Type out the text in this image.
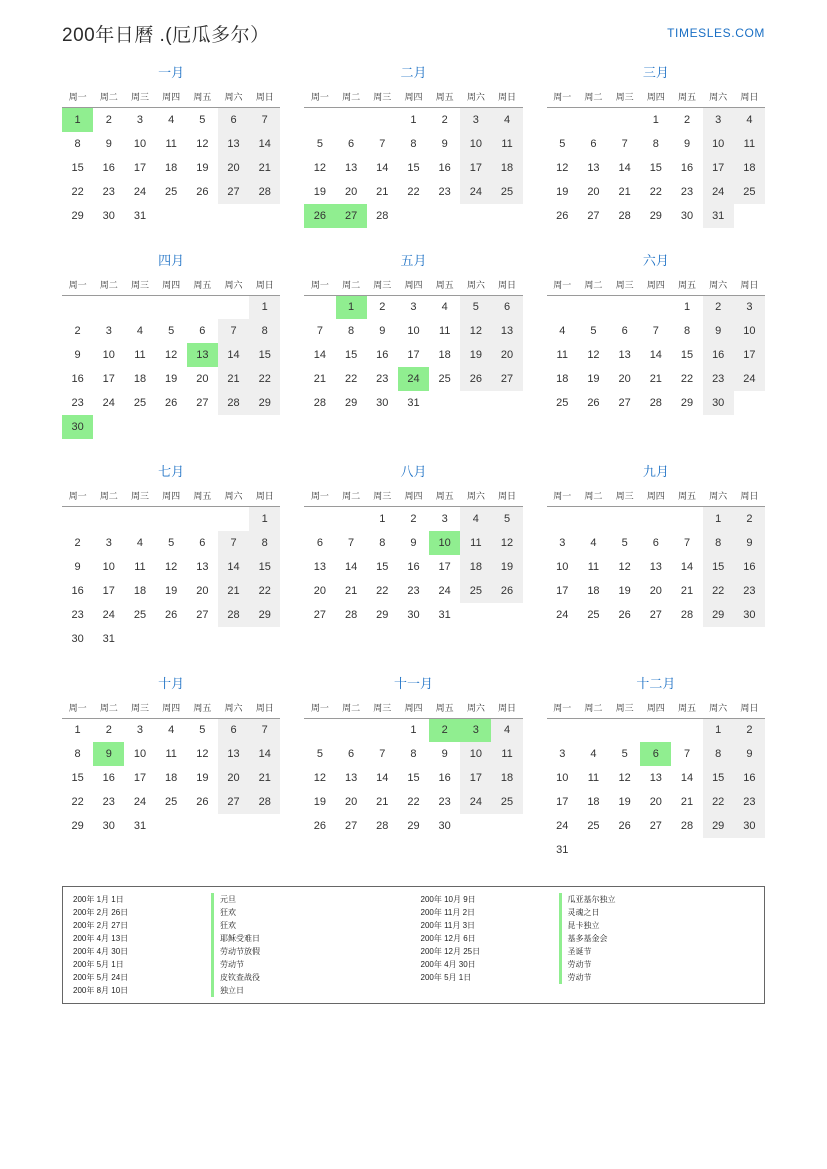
200年日曆 .(厄瓜多尔）	TIMESLES.COM
一月
周一	周二	周三	周四	周五	周六	周日
1	2	3	4	5	6	7
8	9	10	11	12	13	14
15	16	17	18	19	20	21
22	23	24	25	26	27	28
29	30	31				
二月
周一	周二	周三	周四	周五	周六	周日
			1	2	3	4
5	6	7	8	9	10	11
12	13	14	15	16	17	18
19	20	21	22	23	24	25
26	27	28				
三月
周一	周二	周三	周四	周五	周六	周日
			1	2	3	4
5	6	7	8	9	10	11
12	13	14	15	16	17	18
19	20	21	22	23	24	25
26	27	28	29	30	31	
四月
周一	周二	周三	周四	周五	周六	周日
						1
2	3	4	5	6	7	8
9	10	11	12	13	14	15
16	17	18	19	20	21	22
23	24	25	26	27	28	29
30						
五月
周一	周二	周三	周四	周五	周六	周日
	1	2	3	4	5	6
7	8	9	10	11	12	13
14	15	16	17	18	19	20
21	22	23	24	25	26	27
28	29	30	31			
六月
周一	周二	周三	周四	周五	周六	周日
				1	2	3
4	5	6	7	8	9	10
11	12	13	14	15	16	17
18	19	20	21	22	23	24
25	26	27	28	29	30	
七月
周一	周二	周三	周四	周五	周六	周日
						1
2	3	4	5	6	7	8
9	10	11	12	13	14	15
16	17	18	19	20	21	22
23	24	25	26	27	28	29
30	31					
八月
周一	周二	周三	周四	周五	周六	周日
		1	2	3	4	5
6	7	8	9	10	11	12
13	14	15	16	17	18	19
20	21	22	23	24	25	26
27	28	29	30	31		
九月
周一	周二	周三	周四	周五	周六	周日
					1	2
3	4	5	6	7	8	9
10	11	12	13	14	15	16
17	18	19	20	21	22	23
24	25	26	27	28	29	30
十月
周一	周二	周三	周四	周五	周六	周日
1	2	3	4	5	6	7
8	9	10	11	12	13	14
15	16	17	18	19	20	21
22	23	24	25	26	27	28
29	30	31				
十一月
周一	周二	周三	周四	周五	周六	周日
			1	2	3	4
5	6	7	8	9	10	11
12	13	14	15	16	17	18
19	20	21	22	23	24	25
26	27	28	29	30		
十二月
周一	周二	周三	周四	周五	周六	周日
					1	2
3	4	5	6	7	8	9
10	11	12	13	14	15	16
17	18	19	20	21	22	23
24	25	26	27	28	29	30
31						
200年 1月 1日	元旦
200年 2月 26日	狂欢
200年 2月 27日	狂欢
200年 4月 13日	耶稣受难日
200年 4月 30日	劳动节放假
200年 5月 1日	劳动节
200年 5月 24日	皮钦查战役
200年 8月 10日	独立日
200年 10月 9日	瓜亚基尔独立
200年 11月 2日	灵魂之日
200年 11月 3日	昆卡独立
200年 12月 6日	基多基金会
200年 12月 25日	圣诞节
200年 4月 30日	劳动节
200年 5月 1日	劳动节
